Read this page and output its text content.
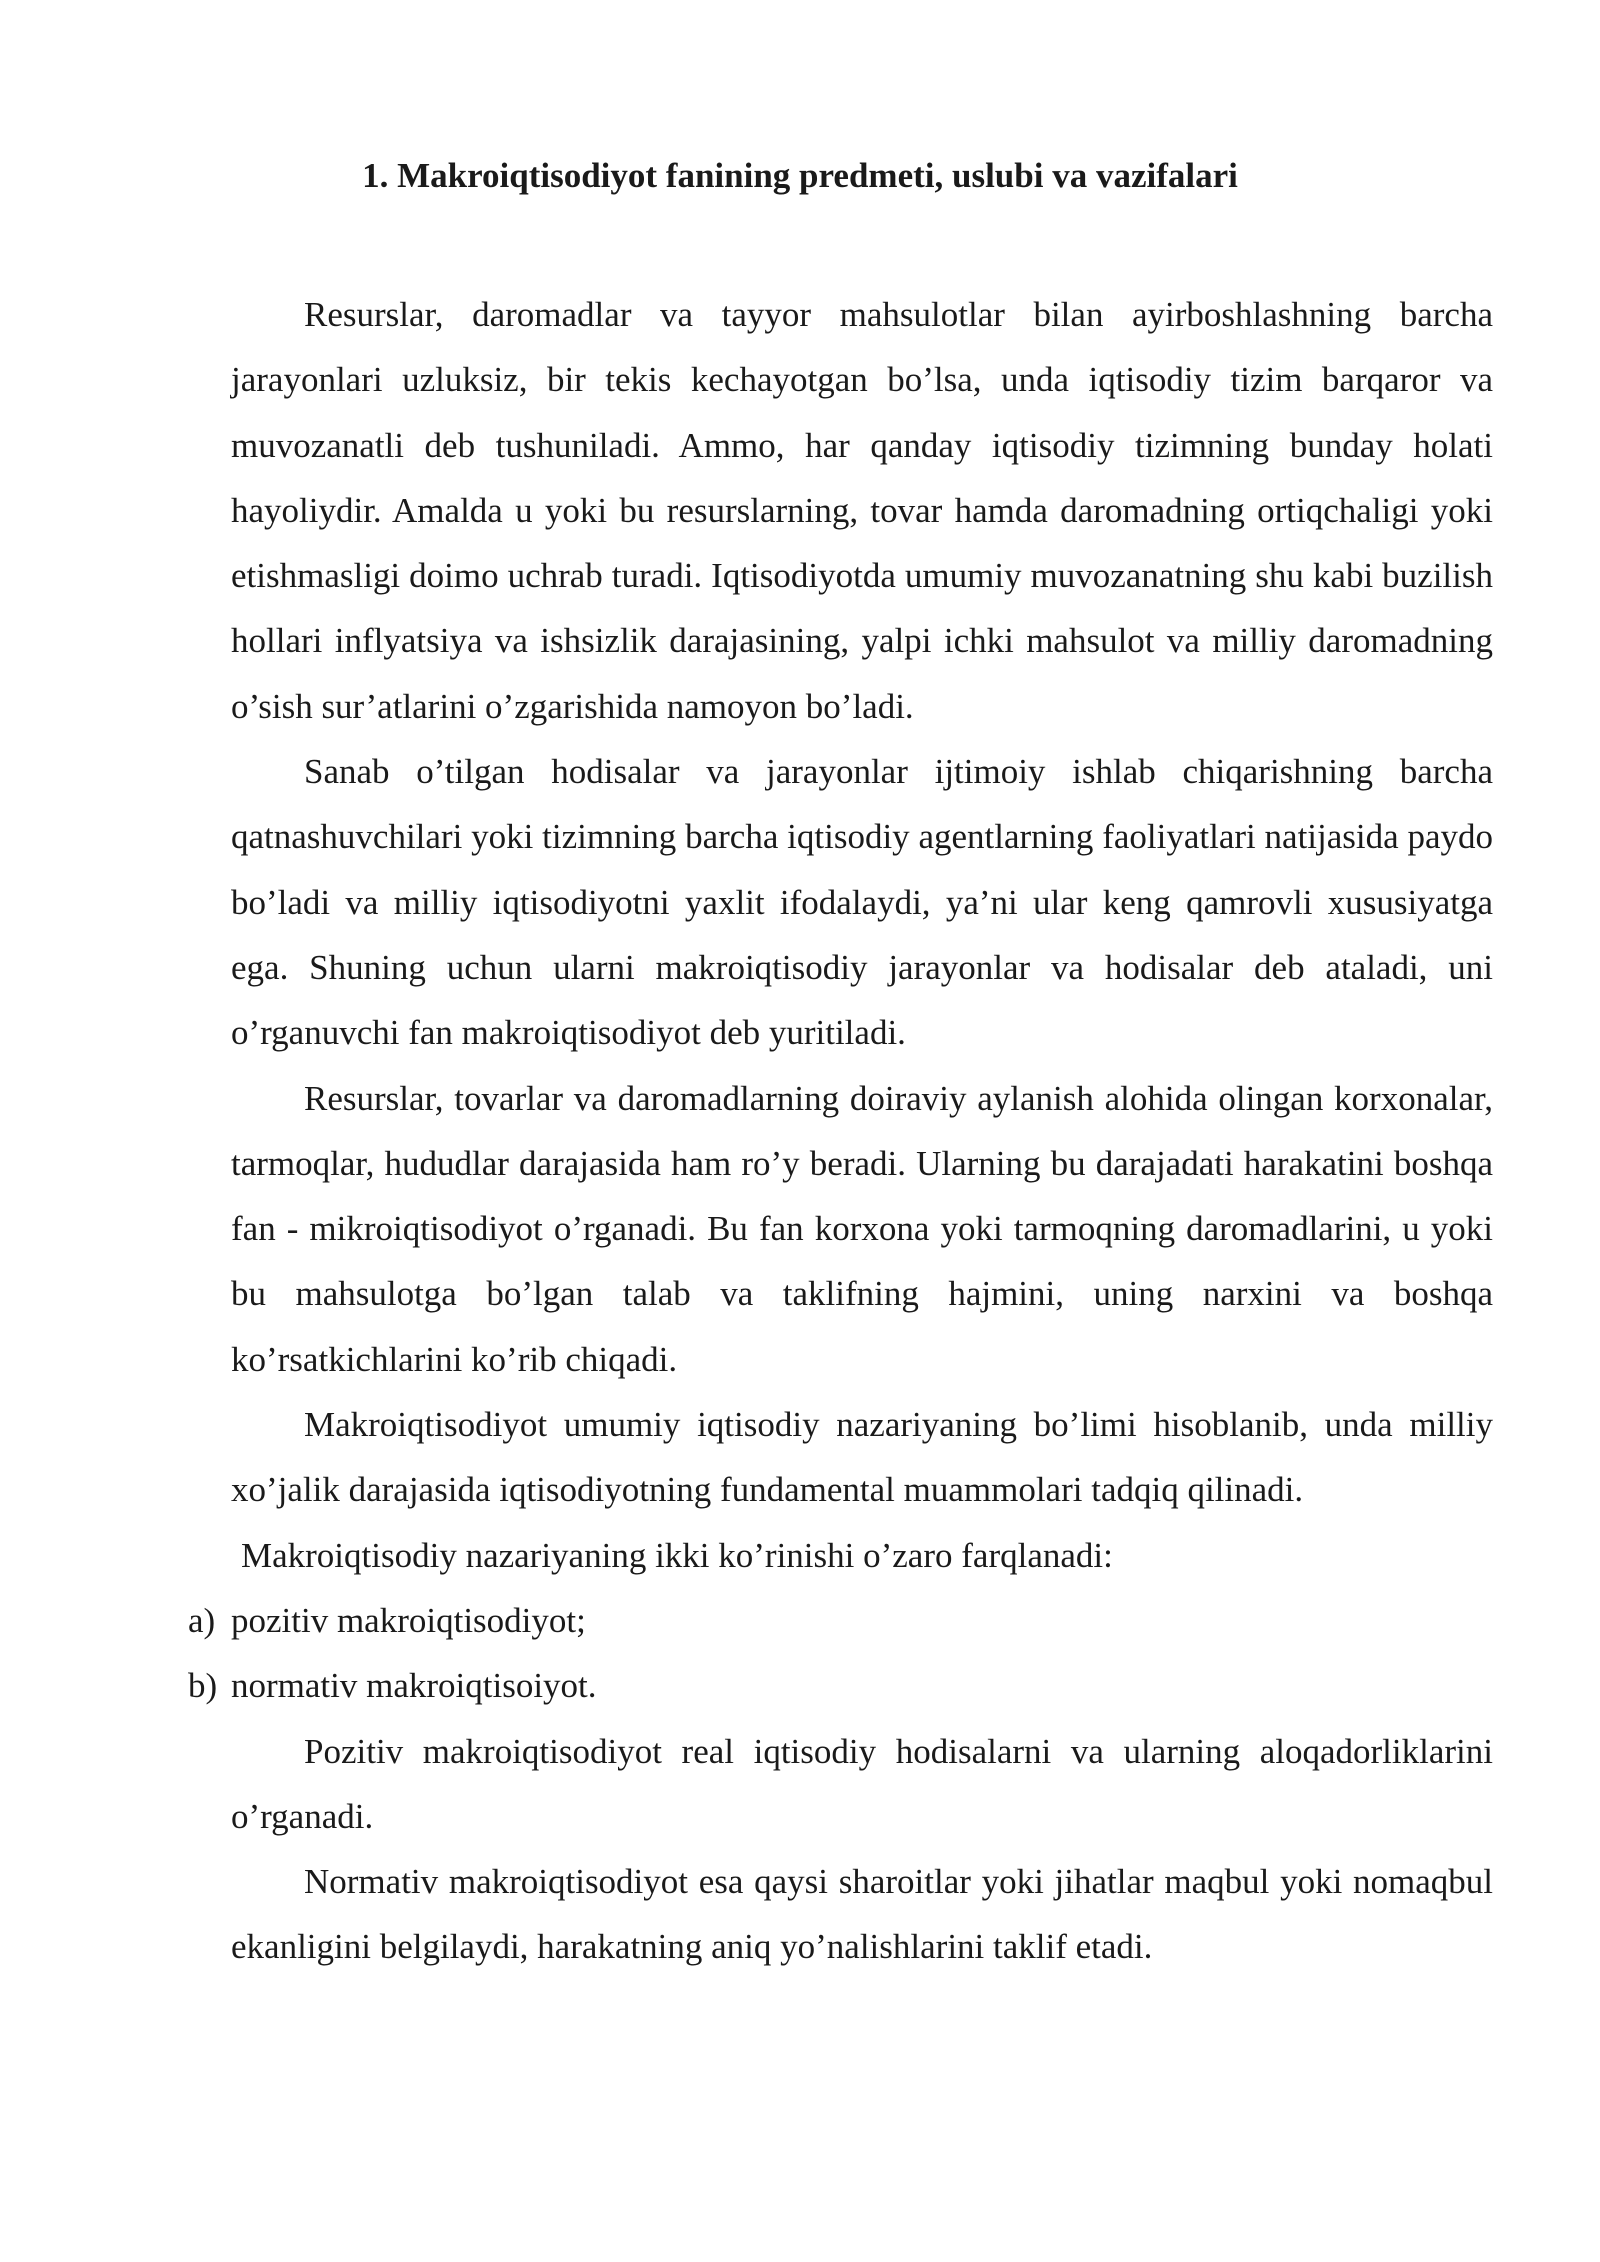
1. Makroiqtisodiyot fanining predmeti, uslubi va vazifalari

Resurslar, daromadlar va tayyor mahsulotlar bilan ayirboshlashning barcha jarayonlari uzluksiz, bir tekis kechayotgan bo’lsa, unda iqtisodiy tizim barqaror va muvozanatli deb tushuniladi. Ammo, har qanday iqtisodiy tizimning bunday holati hayoliydir. Amalda u yoki bu resurslarning, tovar hamda daromadning ortiqchaligi yoki etishmasligi doimo uchrab turadi. Iqtisodiyotda umumiy muvozanatning shu kabi buzilish hollari inflyatsiya va ishsizlik darajasining, yalpi ichki mahsulot va milliy daromadning o’sish sur’atlarini o’zgarishida namoyon bo’ladi.

Sanab o’tilgan hodisalar va jarayonlar ijtimoiy ishlab chiqarishning barcha qatnashuvchilari yoki tizimning barcha iqtisodiy agentlarning faoliyatlari natijasida paydo bo’ladi va milliy iqtisodiyotni yaxlit ifodalaydi, ya’ni ular keng qamrovli xususiyatga ega. Shuning uchun ularni makroiqtisodiy jarayonlar va hodisalar deb ataladi, uni o’rganuvchi fan makroiqtisodiyot deb yuritiladi.

Resurslar, tovarlar va daromadlarning doiraviy aylanish alohida olingan korxonalar, tarmoqlar, hududlar darajasida ham ro’y beradi. Ularning bu darajadati harakatini boshqa fan - mikroiqtisodiyot o’rganadi. Bu fan korxona yoki tarmoqning daromadlarini, u yoki bu mahsulotga bo’lgan talab va taklifning hajmini, uning narxini va boshqa ko’rsatkichlarini ko’rib chiqadi.

Makroiqtisodiyot umumiy iqtisodiy nazariyaning bo’limi hisoblanib, unda milliy xo’jalik darajasida iqtisodiyotning fundamental muammolari tadqiq qilinadi.

Makroiqtisodiy nazariyaning ikki ko’rinishi o’zaro farqlanadi:

a) pozitiv makroiqtisodiyot;
b) normativ makroiqtisoiyot.

Pozitiv makroiqtisodiyot real iqtisodiy hodisalarni va ularning aloqadorliklarini o’rganadi.

Normativ makroiqtisodiyot esa qaysi sharoitlar yoki jihatlar maqbul yoki nomaqbul ekanligini belgilaydi, harakatning aniq yo’nalishlarini taklif etadi.
